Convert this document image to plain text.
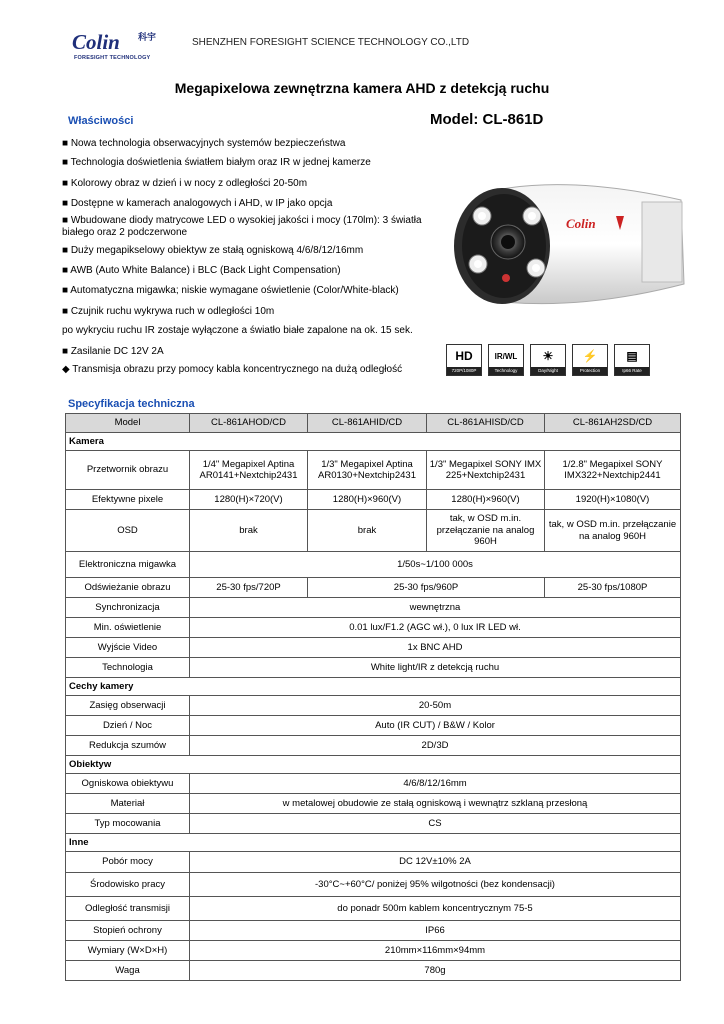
Colin 科宇
FORESIGHT TECHNOLOGY
SHENZHEN FORESIGHT SCIENCE TECHNOLOGY CO.,LTD
Megapixelowa zewnętrzna kamera AHD z detekcją ruchu
Właściwości	Model: CL-861D
■ Nowa technologia obserwacyjnych systemów bezpieczeństwa
■ Technologia doświetlenia światłem białym oraz IR w jednej kamerze
■ Kolorowy obraz w dzień i w nocy z odległości 20-50m
■ Dostępne w kamerach analogowych i AHD, w IP jako opcja
■ Wbudowane diody matrycowe LED o wysokiej jakości i mocy (170lm): 3 światła białego oraz 2 podczerwone
■ Duży megapikselowy obiektyw ze stałą ogniskową 4/6/8/12/16mm
■ AWB (Auto White Balance) i BLC (Back Light Compensation)
■ Automatyczna migawka; niskie wymagane oświetlenie (Color/White-black)
■ Czujnik ruchu wykrywa ruch w odległości 10m
po wykryciu ruchu IR zostaje wyłączone a światło białe zapalone na ok. 15 sek.
■ Zasilanie DC 12V 2A
◆ Transmisja obrazu przy pomocy kabla koncentrycznego na dużą odległość
Colin
HD
720P/1080P
IR/WL
Technology
☀
Day/Night
⚡
Protection
▤
Ip66 Rate
Specyfikacja techniczna
Model	CL-861AHOD/CD	CL-861AHID/CD	CL-861AHISD/CD	CL-861AH2SD/CD
Kamera				
Przetwornik obrazu	1/4" Megapixel Aptina AR0141+Nextchip2431	1/3" Megapixel Aptina AR0130+Nextchip2431	1/3" Megapixel SONY IMX 225+Nextchip2431	1/2.8" Megapixel SONY IMX322+Nextchip2441
Efektywne pixele	1280(H)×720(V)	1280(H)×960(V)	1280(H)×960(V)	1920(H)×1080(V)
OSD	brak	brak	tak, w OSD m.in. przełączanie na analog 960H	tak, w OSD m.in. przełączanie na analog 960H
Elektroniczna migawka	1/50s~1/100 000s			
Odświeżanie obrazu	25-30 fps/720P	25-30 fps/960P		25-30 fps/1080P
Synchronizacja	wewnętrzna			
Min. oświetlenie	0.01 lux/F1.2 (AGC wł.), 0 lux IR LED wł.			
Wyjście Video	1x BNC AHD			
Technologia	White light/IR z detekcją ruchu			
Cechy kamery				
Zasięg obserwacji	20-50m			
Dzień / Noc	Auto (IR CUT) / B&W / Kolor			
Redukcja szumów	2D/3D			
Obiektyw				
Ogniskowa obiektywu	4/6/8/12/16mm			
Materiał	w metalowej obudowie ze stałą ogniskową i wewnątrz szklaną przesłoną			
Typ mocowania	CS			
Inne				
Pobór mocy	DC 12V±10% 2A			
Środowisko pracy	-30°C~+60°C/ poniżej 95% wilgotności (bez kondensacji)			
Odległość transmisji	do ponadr 500m kablem koncentrycznym 75-5			
Stopień ochrony	IP66			
Wymiary (W×D×H)	210mm×116mm×94mm			
Waga	780g			
